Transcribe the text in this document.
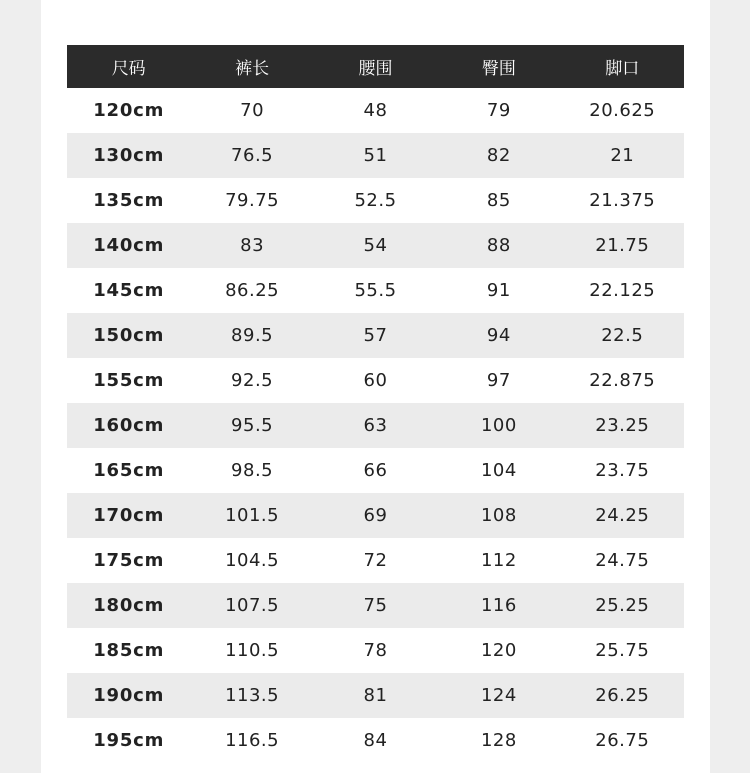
尺码	裤长	腰围	臀围	脚口
120cm	70	48	79	20.625
130cm	76.5	51	82	21
135cm	79.75	52.5	85	21.375
140cm	83	54	88	21.75
145cm	86.25	55.5	91	22.125
150cm	89.5	57	94	22.5
155cm	92.5	60	97	22.875
160cm	95.5	63	100	23.25
165cm	98.5	66	104	23.75
170cm	101.5	69	108	24.25
175cm	104.5	72	112	24.75
180cm	107.5	75	116	25.25
185cm	110.5	78	120	25.75
190cm	113.5	81	124	26.25
195cm	116.5	84	128	26.75
